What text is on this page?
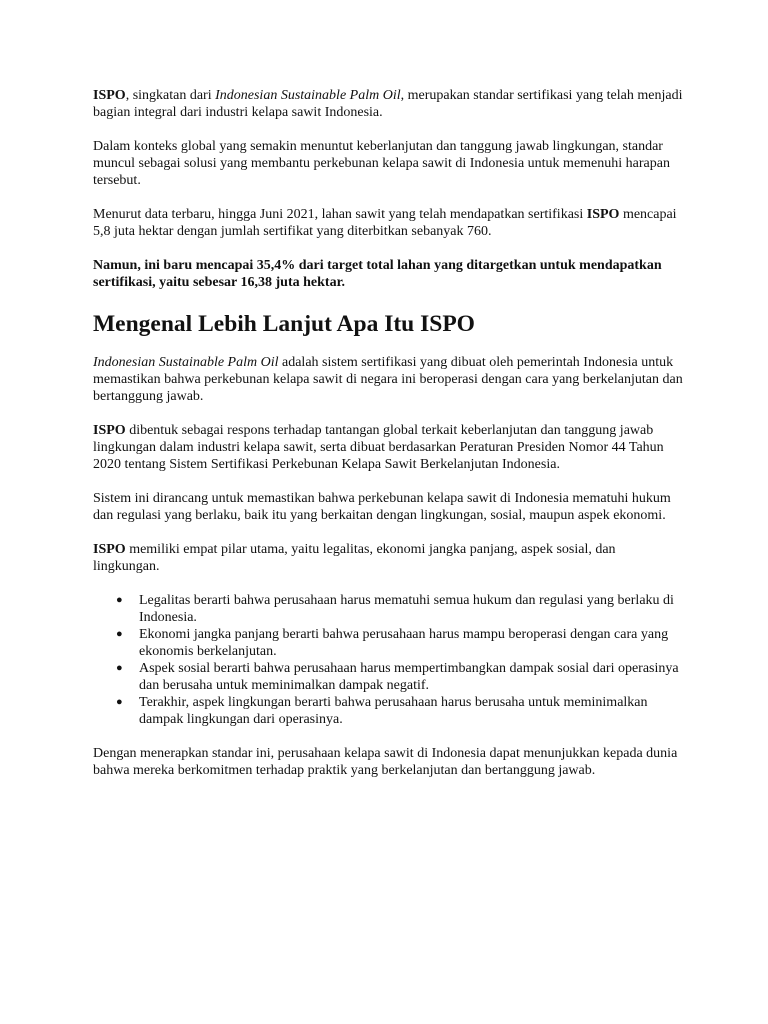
ISPO, singkatan dari Indonesian Sustainable Palm Oil, merupakan standar sertifikasi yang telah menjadi bagian integral dari industri kelapa sawit Indonesia.

Dalam konteks global yang semakin menuntut keberlanjutan dan tanggung jawab lingkungan, standar muncul sebagai solusi yang membantu perkebunan kelapa sawit di Indonesia untuk memenuhi harapan tersebut.

Menurut data terbaru, hingga Juni 2021, lahan sawit yang telah mendapatkan sertifikasi ISPO mencapai 5,8 juta hektar dengan jumlah sertifikat yang diterbitkan sebanyak 760.

Namun, ini baru mencapai 35,4% dari target total lahan yang ditargetkan untuk mendapatkan sertifikasi, yaitu sebesar 16,38 juta hektar.

Mengenal Lebih Lanjut Apa Itu ISPO

Indonesian Sustainable Palm Oil adalah sistem sertifikasi yang dibuat oleh pemerintah Indonesia untuk memastikan bahwa perkebunan kelapa sawit di negara ini beroperasi dengan cara yang berkelanjutan dan bertanggung jawab.

ISPO dibentuk sebagai respons terhadap tantangan global terkait keberlanjutan dan tanggung jawab lingkungan dalam industri kelapa sawit, serta dibuat berdasarkan Peraturan Presiden Nomor 44 Tahun 2020 tentang Sistem Sertifikasi Perkebunan Kelapa Sawit Berkelanjutan Indonesia.

Sistem ini dirancang untuk memastikan bahwa perkebunan kelapa sawit di Indonesia mematuhi hukum dan regulasi yang berlaku, baik itu yang berkaitan dengan lingkungan, sosial, maupun aspek ekonomi.

ISPO memiliki empat pilar utama, yaitu legalitas, ekonomi jangka panjang, aspek sosial, dan lingkungan.

● Legalitas berarti bahwa perusahaan harus mematuhi semua hukum dan regulasi yang berlaku di Indonesia.
● Ekonomi jangka panjang berarti bahwa perusahaan harus mampu beroperasi dengan cara yang ekonomis berkelanjutan.
● Aspek sosial berarti bahwa perusahaan harus mempertimbangkan dampak sosial dari operasinya dan berusaha untuk meminimalkan dampak negatif.
● Terakhir, aspek lingkungan berarti bahwa perusahaan harus berusaha untuk meminimalkan dampak lingkungan dari operasinya.

Dengan menerapkan standar ini, perusahaan kelapa sawit di Indonesia dapat menunjukkan kepada dunia bahwa mereka berkomitmen terhadap praktik yang berkelanjutan dan bertanggung jawab.
